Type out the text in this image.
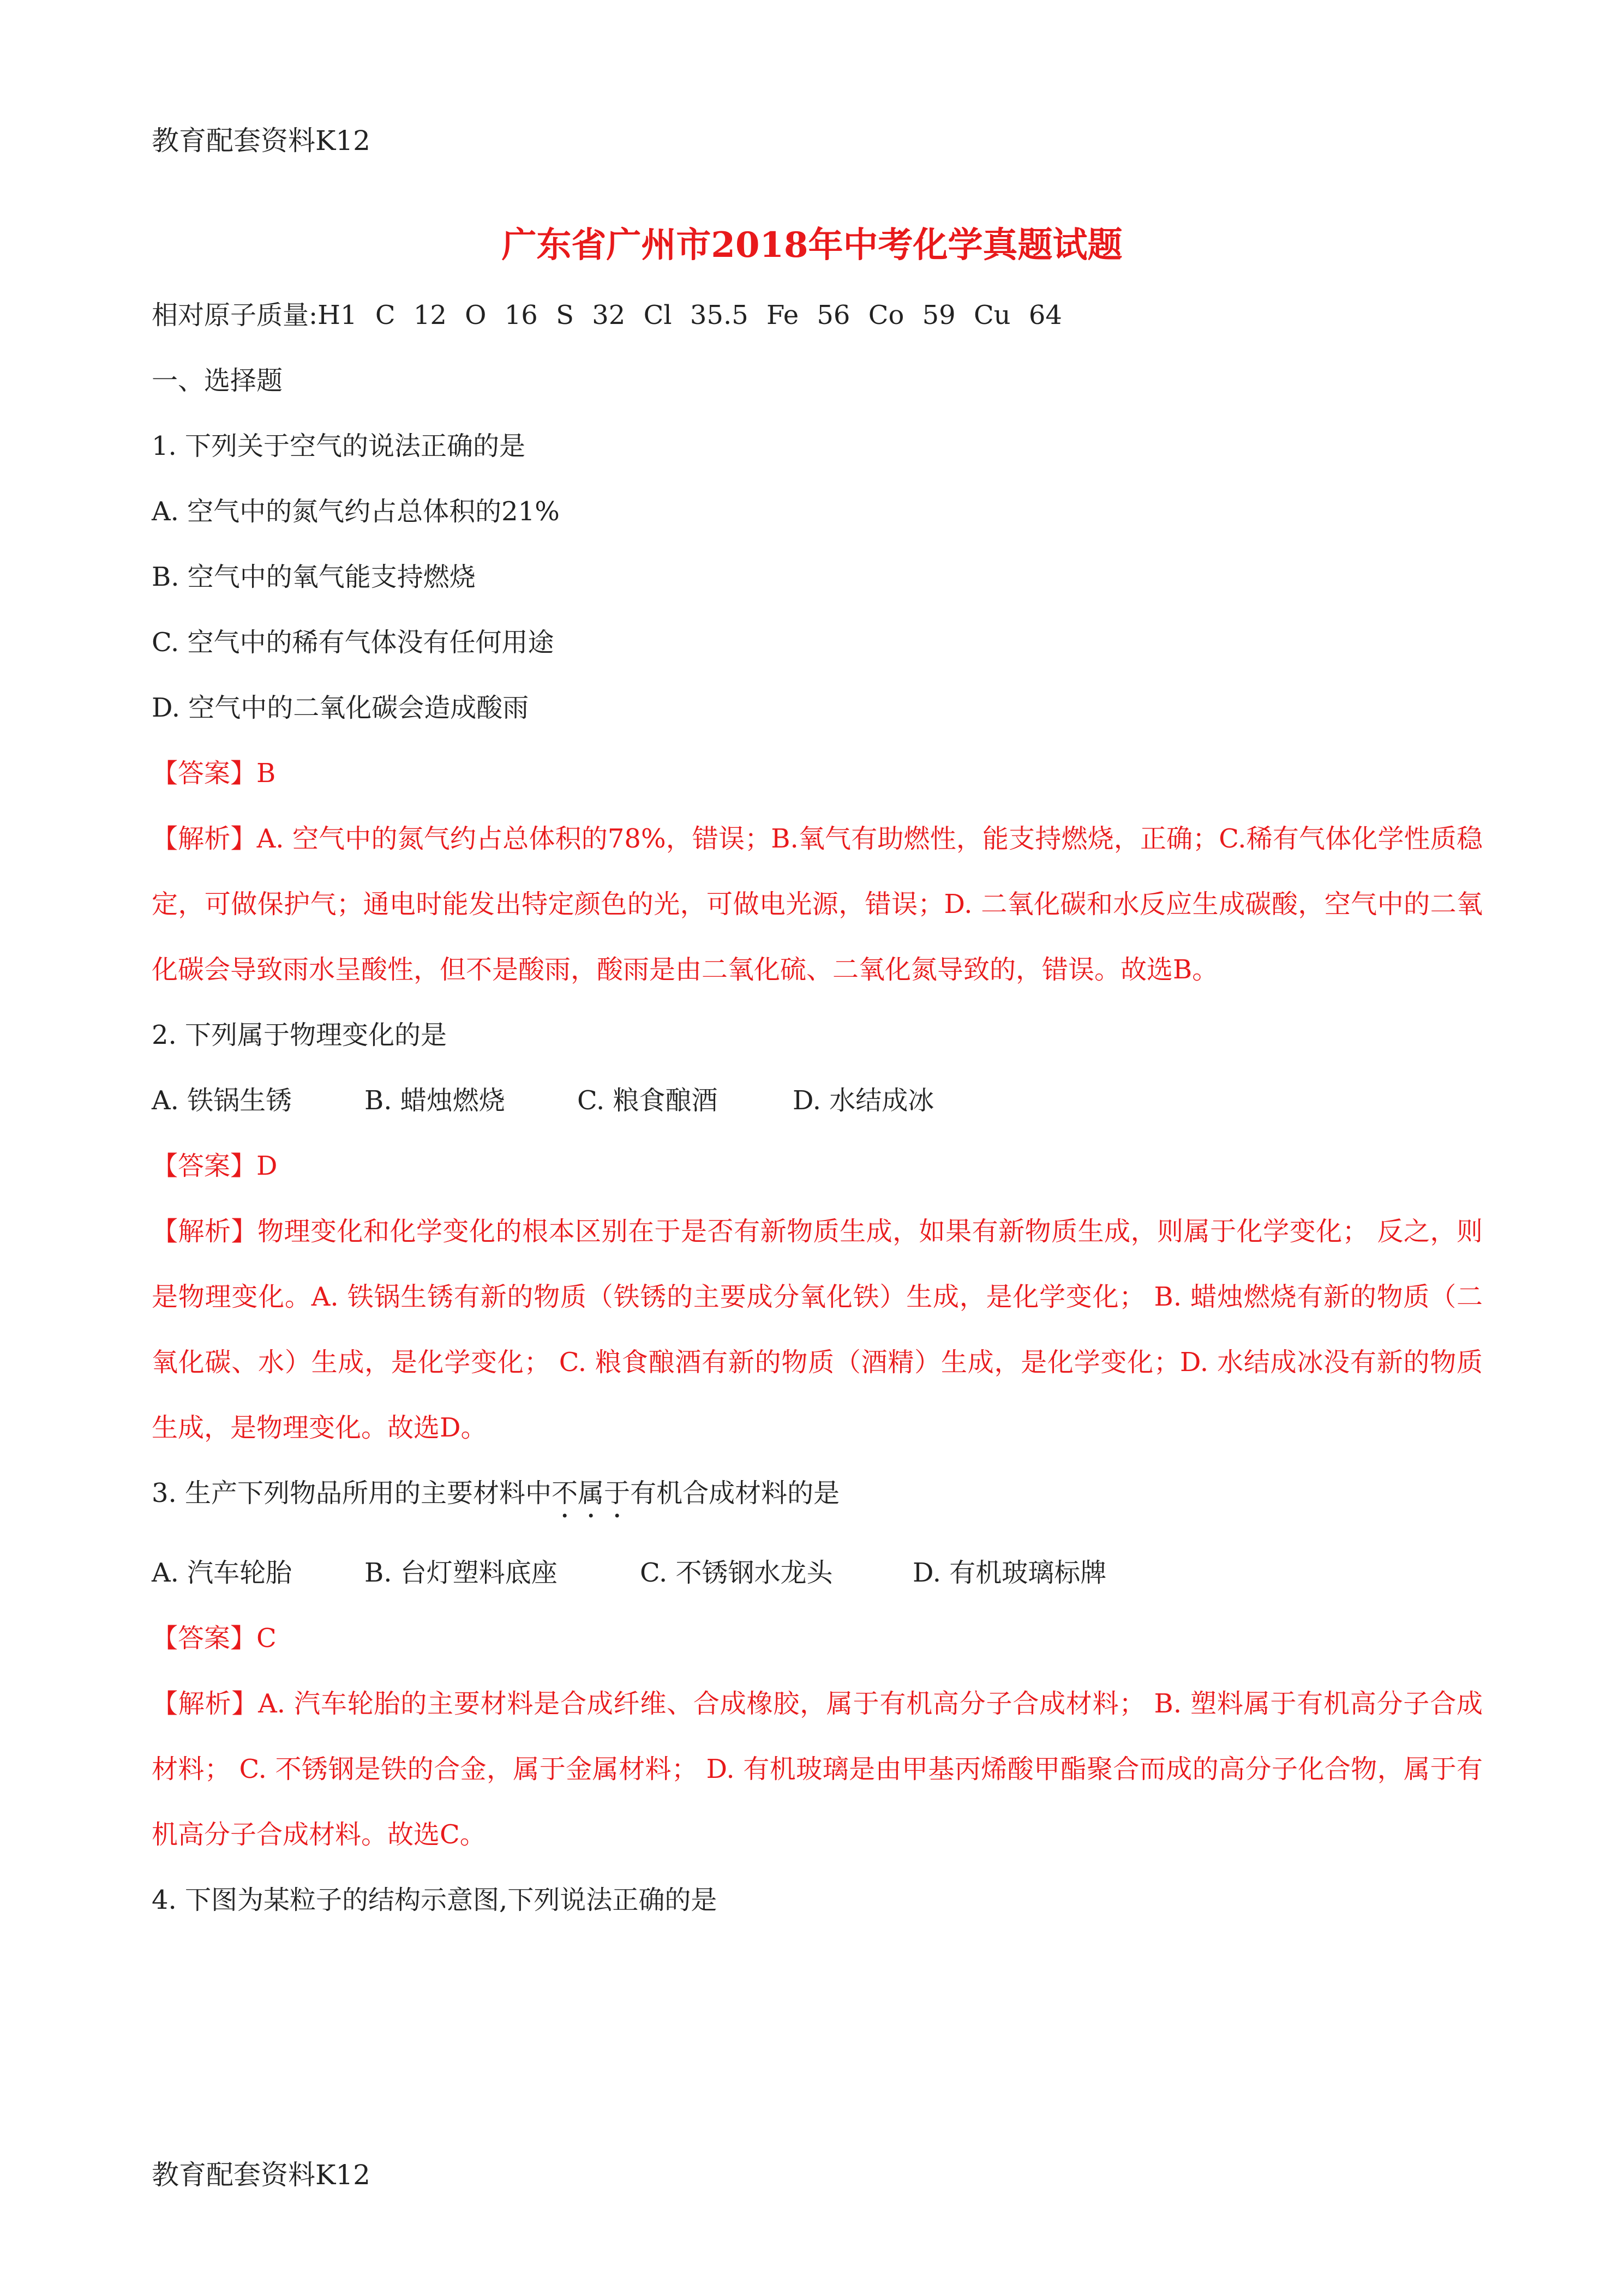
教育配套资料K12
广东省广州市2018年中考化学真题试题
相对原子质量:H1 C 12 O 16 S 32 Cl 35.5 Fe 56 Co 59 Cu 64
一、选择题
1. 下列关于空气的说法正确的是
A. 空气中的氮气约占总体积的21%
B. 空气中的氧气能支持燃烧
C. 空气中的稀有气体没有任何用途
D. 空气中的二氧化碳会造成酸雨
【答案】B
【解析】A. 空气中的氮气约占总体积的78%，错误；B.氧气有助燃性，能支持燃烧，正确；C.稀有气体化学性质稳定，可做保护气；通电时能发出特定颜色的光，可做电光源，错误；D. 二氧化碳和水反应生成碳酸，空气中的二氧化碳会导致雨水呈酸性，但不是酸雨，酸雨是由二氧化硫、二氧化氮导致的，错误。故选B。
2. 下列属于物理变化的是
A. 铁锅生锈	B. 蜡烛燃烧	C. 粮食酿酒	D. 水结成冰
【答案】D
【解析】物理变化和化学变化的根本区别在于是否有新物质生成，如果有新物质生成，则属于化学变化； 反之，则是物理变化。A. 铁锅生锈有新的物质（铁锈的主要成分氧化铁）生成，是化学变化； B. 蜡烛燃烧有新的物质（二氧化碳、水）生成，是化学变化； C. 粮食酿酒有新的物质（酒精）生成，是化学变化；D. 水结成冰没有新的物质生成，是物理变化。故选D。
3. 生产下列物品所用的主要材料中不属于有机合成材料的是
A. 汽车轮胎	B. 台灯塑料底座	C. 不锈钢水龙头	D. 有机玻璃标牌
【答案】C
【解析】A. 汽车轮胎的主要材料是合成纤维、合成橡胶，属于有机高分子合成材料； B. 塑料属于有机高分子合成材料； C. 不锈钢是铁的合金，属于金属材料； D. 有机玻璃是由甲基丙烯酸甲酯聚合而成的高分子化合物，属于有机高分子合成材料。故选C。
4. 下图为某粒子的结构示意图,下列说法正确的是
教育配套资料K12
